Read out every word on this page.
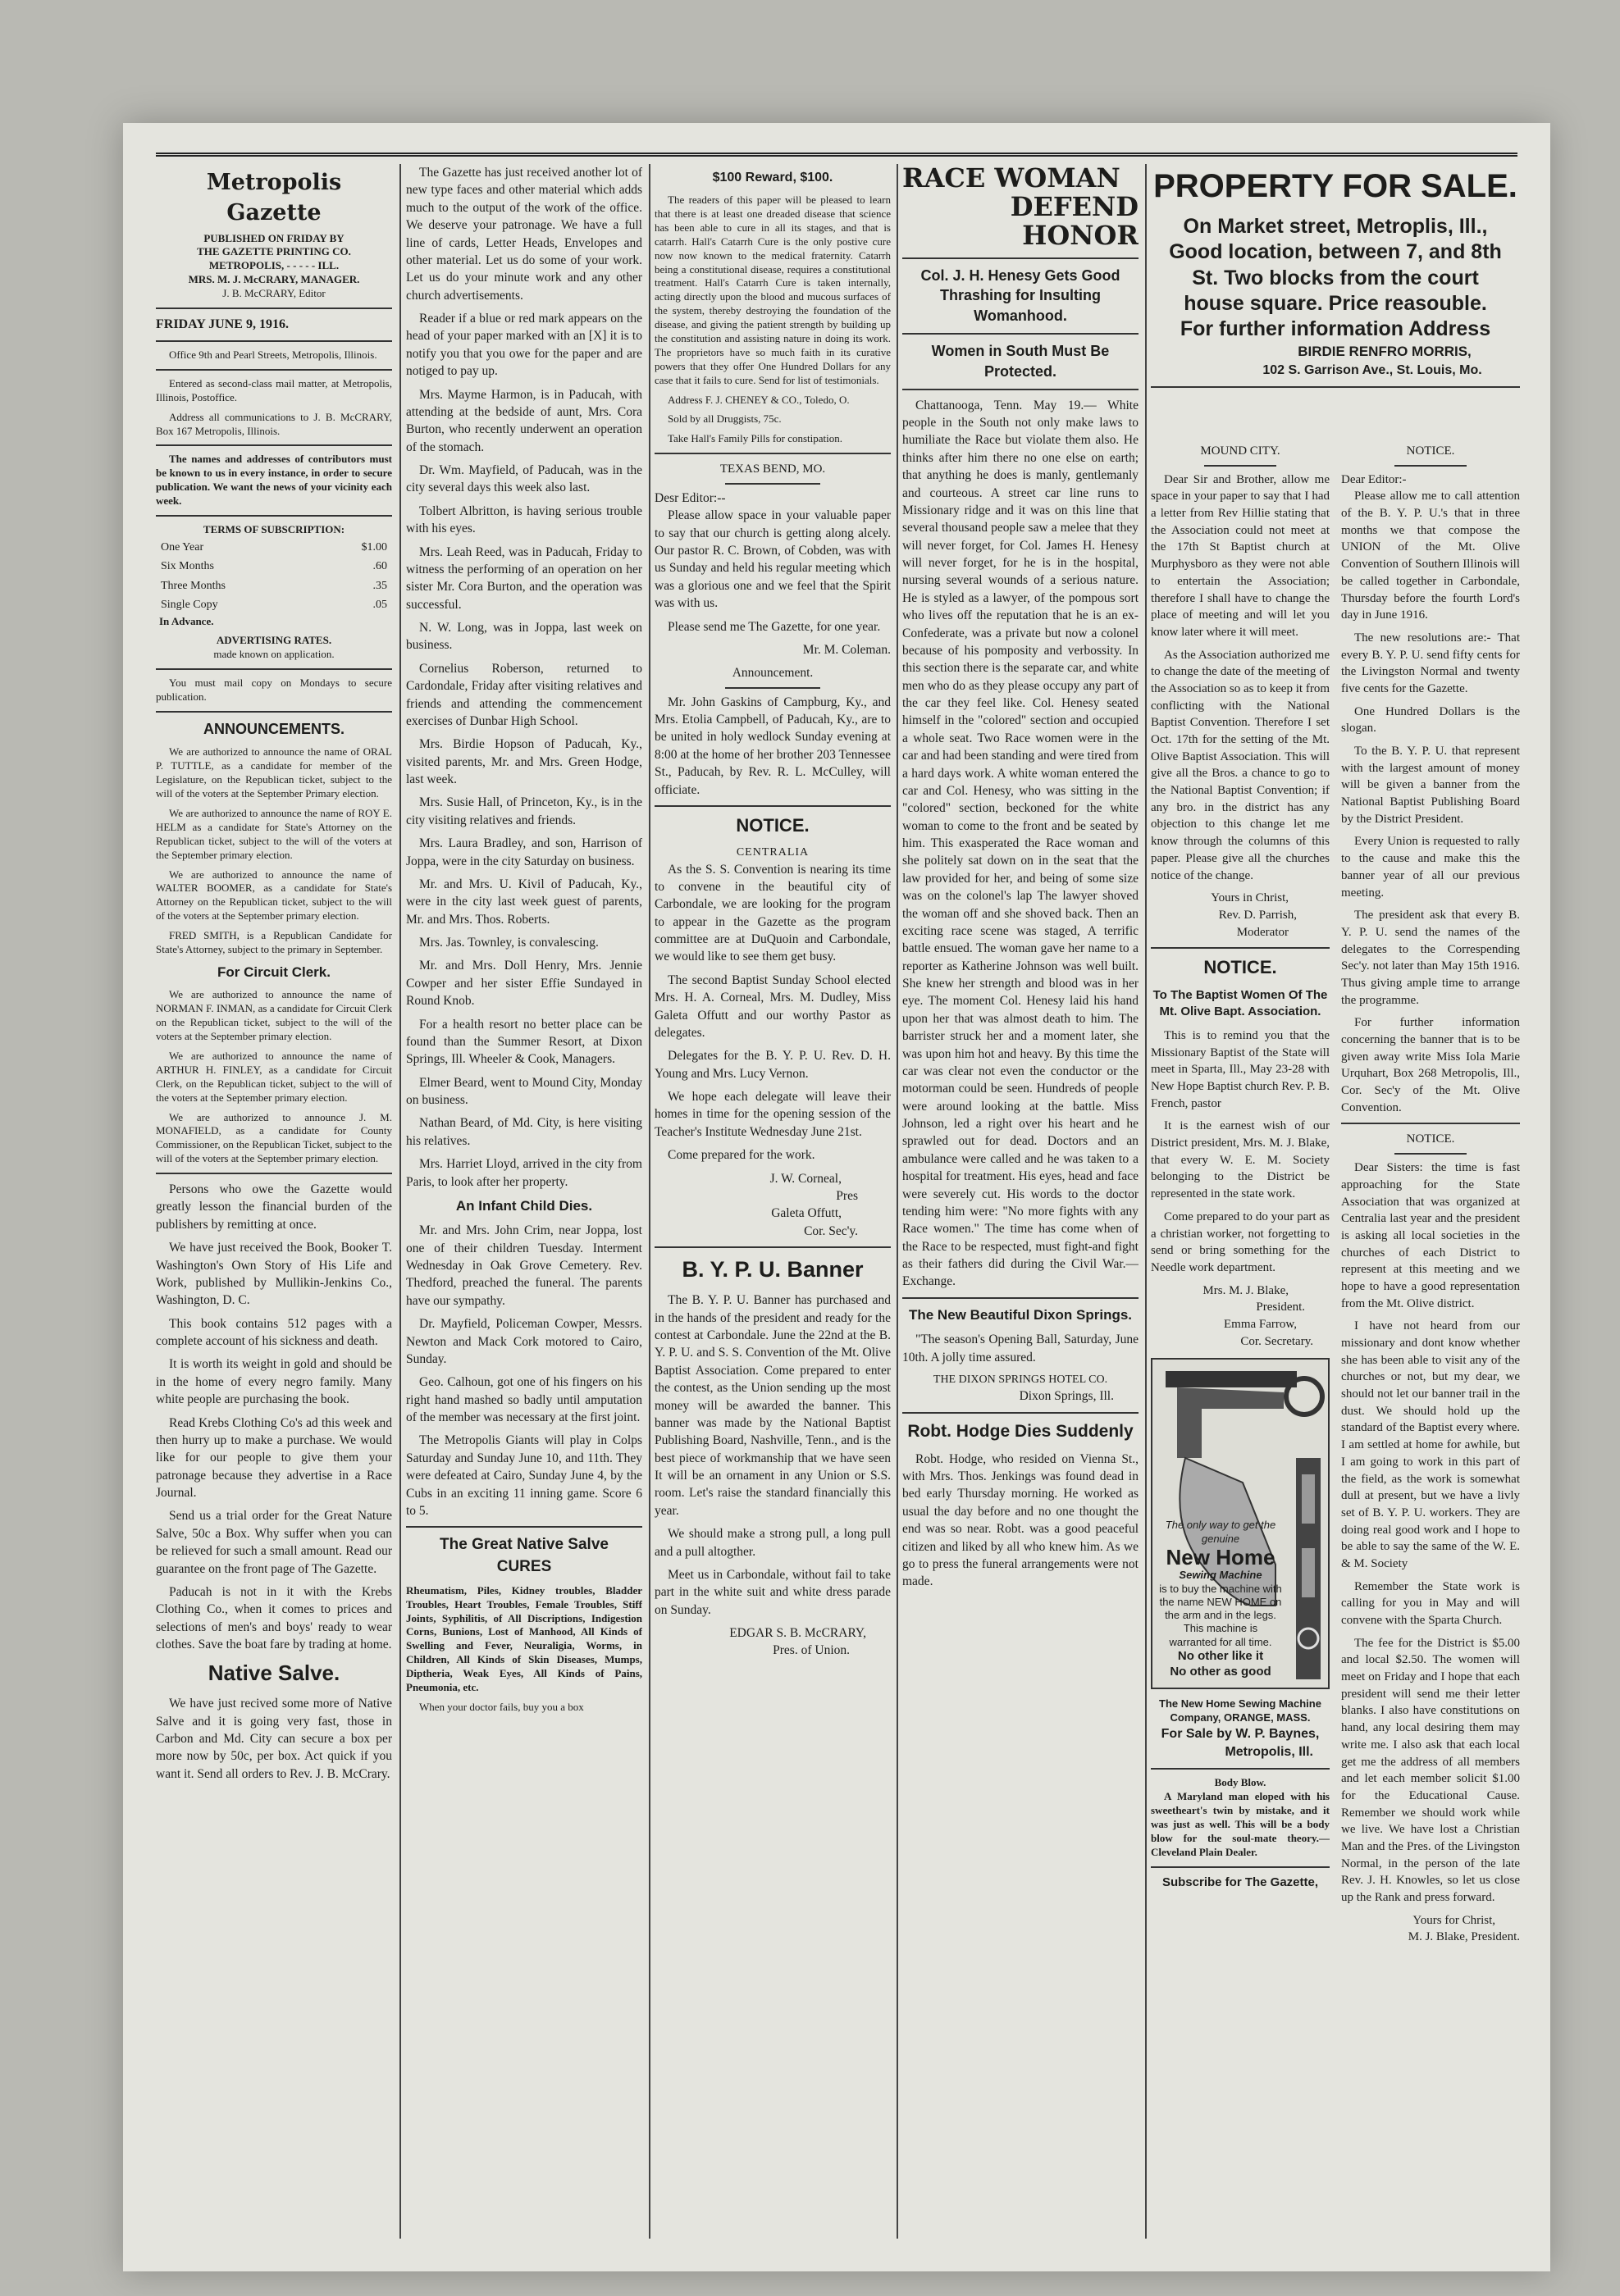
Metropolis Gazette
PUBLISHED ON FRIDAY BY
THE GAZETTE PRINTING CO.
METROPOLIS, - - - - - ILL.
MRS. M. J. McCRARY, MANAGER.
J. B. McCRARY, Editor
FRIDAY JUNE 9, 1916.

Office 9th and Pearl Streets, Metropolis, Illinois.

Entered as second-class mail matter, at Metropolis, Illinois, Postoffice.

Address all communications to J. B. McCRARY, Box 167 Metropolis, Illinois.

The names and addresses of contributors must be known to us in every instance, in order to secure publication. We want the news of your vicinity each week.

TERMS OF SUBSCRIPTION:
One Year	$1.00
Six Months	.60
Three Months	.35
Single Copy	.05
In Advance.
ADVERTISING RATES.
made known on application.

You must mail copy on Mondays to secure publication.

ANNOUNCEMENTS.

We are authorized to announce the name of ORAL P. TUTTLE, as a candidate for member of the Legislature, on the Republican ticket, subject to the will of the voters at the September Primary election.

We are authorized to announce the name of ROY E. HELM as a candidate for State's Attorney on the Republican ticket, subject to the will of the voters at the September primary election.

We are authorized to announce the name of WALTER BOOMER, as a candidate for State's Attorney on the Republican ticket, subject to the will of the voters at the September primary election.

FRED SMITH, is a Republican Candidate for State's Attorney, subject to the primary in September.

For Circuit Clerk.

We are authorized to announce the name of NORMAN F. INMAN, as a candidate for Circuit Clerk on the Republican ticket, subject to the will of the voters at the September primary election.

We are authorized to announce the name of ARTHUR H. FINLEY, as a candidate for Circuit Clerk, on the Republican ticket, subject to the will of the voters at the September primary election.

We are authorized to announce J. M. MONAFIELD, as a candidate for County Commissioner, on the Republican Ticket, subject to the will of the voters at the September primary election.

Persons who owe the Gazette would greatly lesson the financial burden of the publishers by remitting at once.

We have just received the Book, Booker T. Washington's Own Story of His Life and Work, published by Mullikin-Jenkins Co., Washington, D. C.

This book contains 512 pages with a complete account of his sickness and death.

It is worth its weight in gold and should be in the home of every negro family. Many white people are purchasing the book.

Read Krebs Clothing Co's ad this week and then hurry up to make a purchase. We would like for our people to give them your patronage because they advertise in a Race Journal.

Send us a trial order for the Great Nature Salve, 50c a Box. Why suffer when you can be relieved for such a small amount. Read our guarantee on the front page of The Gazette.

Paducah is not in it with the Krebs Clothing Co., when it comes to prices and selections of men's and boys' ready to wear clothes. Save the boat fare by trading at home.

Native Salve.

We have just recived some more of Native Salve and it is going very fast, those in Carbon and Md. City can secure a box per more now by 50c, per box. Act quick if you want it. Send all orders to Rev. J. B. McCrary.

The Gazette has just received another lot of new type faces and other material which adds much to the output of the work of the office. We deserve your patronage. We have a full line of cards, Letter Heads, Envelopes and other material. Let us do some of your work. Let us do your minute work and any other church advertisements.

Reader if a blue or red mark appears on the head of your paper marked with an [X] it is to notify you that you owe for the paper and are notiged to pay up.

Mrs. Mayme Harmon, is in Paducah, with attending at the bedside of aunt, Mrs. Cora Burton, who recently underwent an operation of the stomach.

Dr. Wm. Mayfield, of Paducah, was in the city several days this week also last.

Tolbert Albritton, is having serious trouble with his eyes.

Mrs. Leah Reed, was in Paducah, Friday to witness the performing of an operation on her sister Mr. Cora Burton, and the operation was successful.

N. W. Long, was in Joppa, last week on business.

Cornelius Roberson, returned to Cardondale, Friday after visiting relatives and friends and attending the commencement exercises of Dunbar High School.

Mrs. Birdie Hopson of Paducah, Ky., visited parents, Mr. and Mrs. Green Hodge, last week.

Mrs. Susie Hall, of Princeton, Ky., is in the city visiting relatives and friends.

Mrs. Laura Bradley, and son, Harrison of Joppa, were in the city Saturday on business.

Mr. and Mrs. U. Kivil of Paducah, Ky., were in the city last week guest of parents, Mr. and Mrs. Thos. Roberts.

Mrs. Jas. Townley, is convalescing.

Mr. and Mrs. Doll Henry, Mrs. Jennie Cowper and her sister Effie Sundayed in Round Knob.

For a health resort no better place can be found than the Summer Resort, at Dixon Springs, Ill. Wheeler & Cook, Managers.

Elmer Beard, went to Mound City, Monday on business.

Nathan Beard, of Md. City, is here visiting his relatives.

Mrs. Harriet Lloyd, arrived in the city from Paris, to look after her property.

An Infant Child Dies.

Mr. and Mrs. John Crim, near Joppa, lost one of their children Tuesday. Interment Wednesday in Oak Grove Cemetery. Rev. Thedford, preached the funeral. The parents have our sympathy.

Dr. Mayfield, Policeman Cowper, Messrs. Newton and Mack Cork motored to Cairo, Sunday.

Geo. Calhoun, got one of his fingers on his right hand mashed so badly until amputation of the member was necessary at the first joint.

The Metropolis Giants will play in Colps Saturday and Sunday June 10, and 11th. They were defeated at Cairo, Sunday June 4, by the Cubs in an exciting 11 inning game. Score 6 to 5.

The Great Native Salve
CURES

Rheumatism, Piles, Kidney troubles, Bladder Troubles, Heart Troubles, Female Troubles, Stiff Joints, Syphilitis, of All Discriptions, Indigestion Corns, Bunions, Lost of Manhood, All Kinds of Swelling and Fever, Neuraligia, Worms, in Children, All Kinds of Skin Diseases, Mumps, Diptheria, Weak Eyes, All Kinds of Pains, Pneumonia, etc.

When your doctor fails, buy you a box

$100 Reward, $100.

The readers of this paper will be pleased to learn that there is at least one dreaded disease that science has been able to cure in all its stages, and that is catarrh. Hall's Catarrh Cure is the only postive cure now now known to the medical fraternity. Catarrh being a constitutional disease, requires a constitutional treatment. Hall's Catarrh Cure is taken internally, acting directly upon the blood and mucous surfaces of the system, thereby destroying the foundation of the disease, and giving the patient strength by building up the constitution and assisting nature in doing its work. The proprietors have so much faith in its curative powers that they offer One Hundred Dollars for any case that it fails to cure. Send for list of testimonials.

Address F. J. CHENEY & CO., Toledo, O.

Sold by all Druggists, 75c.

Take Hall's Family Pills for constipation.

TEXAS BEND, MO.
Desr Editor:--

Please allow space in your valuable paper to say that our church is getting along alcely. Our pastor R. C. Brown, of Cobden, was with us Sunday and held his regular meeting which was a glorious one and we feel that the Spirit was with us.

Please send me The Gazette, for one year.

Mr. M. Coleman.

Announcement.

Mr. John Gaskins of Campburg, Ky., and Mrs. Etolia Campbell, of Paducah, Ky., are to be united in holy wedlock Sunday evening at 8:00 at the home of her brother 203 Tennessee St., Paducah, by Rev. R. L. McCulley, will officiate.

NOTICE.
CENTRALIA

As the S. S. Convention is nearing its time to convene in the beautiful city of Carbondale, we are looking for the program to appear in the Gazette as the program committee are at DuQuoin and Carbondale, we would like to see them get busy.

The second Baptist Sunday School elected Mrs. H. A. Corneal, Mrs. M. Dudley, Miss Galeta Offutt and our worthy Pastor as delegates.

Delegates for the B. Y. P. U. Rev. D. H. Young and Mrs. Lucy Vernon.

We hope each delegate will leave their homes in time for the opening session of the Teacher's Institute Wednesday June 21st.

Come prepared for the work.

J. W. Corneal,
Pres
Galeta Offutt,
Cor. Sec'y.
B. Y. P. U. Banner

The B. Y. P. U. Banner has purchased and in the hands of the president and ready for the contest at Carbondale. June the 22nd at the B. Y. P. U. and S. S. Convention of the Mt. Olive Baptist Association. Come prepared to enter the contest, as the Union sending up the most money will be awarded the banner. This banner was made by the National Baptist Publishing Board, Nashville, Tenn., and is the best piece of workmanship that we have seen It will be an ornament in any Union or S.S. room. Let's raise the standard financially this year.

We should make a strong pull, a long pull and a pull altogther.

Meet us in Carbondale, without fail to take part in the white suit and white dress parade on Sunday.

EDGAR S. B. McCRARY,
Pres. of Union.
RACE WOMAN
DEFEND HONOR
Col. J. H. Henesy Gets Good Thrashing for Insulting Womanhood.
Women in South Must Be Protected.

Chattanooga, Tenn. May 19.— White people in the South not only make laws to humiliate the Race but violate them also. He thinks after him there no one else on earth; that anything he does is manly, gentlemanly and courteous. A street car line runs to Missionary ridge and it was on this line that several thousand people saw a melee that they will never forget, for Col. James H. Henesy will never forget, for he is in the hospital, nursing several wounds of a serious nature. He is styled as a lawyer, of the pompous sort who lives off the reputation that he is an ex-Confederate, was a private but now a colonel because of his pomposity and verbossity. In this section there is the separate car, and white men who do as they please occupy any part of the car they feel like. Col. Henesy seated himself in the "colored" section and occupied a whole seat. Two Race women were in the car and had been standing and were tired from a hard days work. A white woman entered the car and Col. Henesy, who was sitting in the "colored" section, beckoned for the white woman to come to the front and be seated by him. This exasperated the Race woman and she politely sat down on in the seat that the law provided for her, and being of some size was on the colonel's lap The lawyer shoved the woman off and she shoved back. Then an exciting race scene was staged, A terrific battle ensued. The woman gave her name to a reporter as Katherine Johnson was well built. She knew her strength and blood was in her eye. The moment Col. Henesy laid his hand upon her that was almost death to him. The barrister struck her and a moment later, she was upon him hot and heavy. By this time the car was clear not even the conductor or the motorman could be seen. Hundreds of people were around looking at the battle. Miss Johnson, led a right over his heart and he sprawled out for dead. Doctors and an ambulance were called and he was taken to a hospital for treatment. His eyes, head and face were severely cut. His words to the doctor tending him were: "No more fights with any Race women." The time has come when of the Race to be respected, must fight-and fight as their fathers did during the Civil War.—Exchange.

The New Beautiful Dixon Springs.

"The season's Opening Ball, Saturday, June 10th. A jolly time assured.

THE DIXON SPRINGS HOTEL CO.
Dixon Springs, Ill.
Robt. Hodge Dies Suddenly

Robt. Hodge, who resided on Vienna St., with Mrs. Thos. Jenkings was found dead in bed early Thursday morning. He worked as usual the day before and no one thought the end was so near. Robt. was a good peaceful citizen and liked by all who knew him. As we go to press the funeral arrangements were not made.

PROPERTY FOR SALE.
On Market street, Metroplis, Ill.,
Good location, between 7, and 8th
St. Two blocks from the court
house square. Price reasouble.
For further information Address
BIRDIE RENFRO MORRIS,
102 S. Garrison Ave., St. Louis, Mo.
MOUND CITY.

Dear Sir and Brother, allow me space in your paper to say that I had a letter from Rev Hillie stating that the Association could not meet at the 17th St Baptist church at Murphysboro as they were not able to entertain the Association; therefore I shall have to change the place of meeting and will let you know later where it will meet.

As the Association authorized me to change the date of the meeting of the Association so as to keep it from conflicting with the National Baptist Convention. Therefore I set Oct. 17th for the setting of the Mt. Olive Baptist Association. This will give all the Bros. a chance to go to the National Baptist Convention; if any bro. in the district has any objection to this change let me know through the columns of this paper. Please give all the churches notice of the change.

Yours in Christ,
Rev. D. Parrish,
Moderator
NOTICE.
To The Baptist Women Of The Mt. Olive Bapt. Association.

This is to remind you that the Missionary Baptist of the State will meet in Sparta, Ill., May 23-28 with New Hope Baptist church Rev. P. B. French, pastor

It is the earnest wish of our District president, Mrs. M. J. Blake, that every W. E. M. Society belonging to the District be represented in the state work.

Come prepared to do your part as a christian worker, not forgetting to send or bring something for the Needle work department.

Mrs. M. J. Blake,
President.
Emma Farrow,
Cor. Secretary.
The only way to get the genuine
New Home
Sewing Machine
is to buy the machine with the name NEW HOME on the arm and in the legs. This machine is warranted for all time.
No other like it
No other as good
The New Home Sewing Machine Company, ORANGE, MASS.
For Sale by W. P. Baynes,
Metropolis, Ill.
Body Blow.

A Maryland man eloped with his sweetheart's twin by mistake, and it was just as well. This will be a body blow for the soul-mate theory.—Cleveland Plain Dealer.

Subscribe for The Gazette,
NOTICE.
Dear Editor:-

Please allow me to call attention of the B. Y. P. U.'s that in three months we that compose the UNION of the Mt. Olive Convention of Southern Illinois will be called together in Carbondale, Thursday before the fourth Lord's day in June 1916.

The new resolutions are:- That every B. Y. P. U. send fifty cents for the Livingston Normal and twenty five cents for the Gazette.

One Hundred Dollars is the slogan.

To the B. Y. P. U. that represent with the largest amount of money will be given a banner from the National Baptist Publishing Board by the District President.

Every Union is requested to rally to the cause and make this the banner year of all our previous meeting.

The president ask that every B. Y. P. U. send the names of the delegates to the Correspending Sec'y. not later than May 15th 1916. Thus giving ample time to arrange the programme.

For further information concerning the banner that is to be given away write Miss Iola Marie Urquhart, Box 268 Metropolis, Ill., Cor. Sec'y of the Mt. Olive Convention.

NOTICE.

Dear Sisters: the time is fast approaching for the State Association that was organized at Centralia last year and the president is asking all local societies in the churches of each District to represent at this meeting and we hope to have a good representation from the Mt. Olive district.

I have not heard from our missionary and dont know whether she has been able to visit any of the churches or not, but my dear, we should not let our banner trail in the dust. We should hold up the standard of the Baptist every where. I am settled at home for awhile, but I am going to work in this part of the field, as the work is somewhat dull at present, but we have a livly set of B. Y. P. U. workers. They are doing real good work and I hope to be able to say the same of the W. E. & M. Society

Remember the State work is calling for you in May and will convene with the Sparta Church.

The fee for the District is $5.00 and local $2.50. The women will meet on Friday and I hope that each president will send me their letter blanks. I also have constitutions on hand, any local desiring them may write me. I also ask that each local get me the address of all members and let each member solicit $1.00 for the Educational Cause. Remember we should work while we live. We have lost a Christian Man and the Pres. of the Livingston Normal, in the person of the late Rev. J. H. Knowles, so let us close up the Rank and press forward.

Yours for Christ,
M. J. Blake, President.
